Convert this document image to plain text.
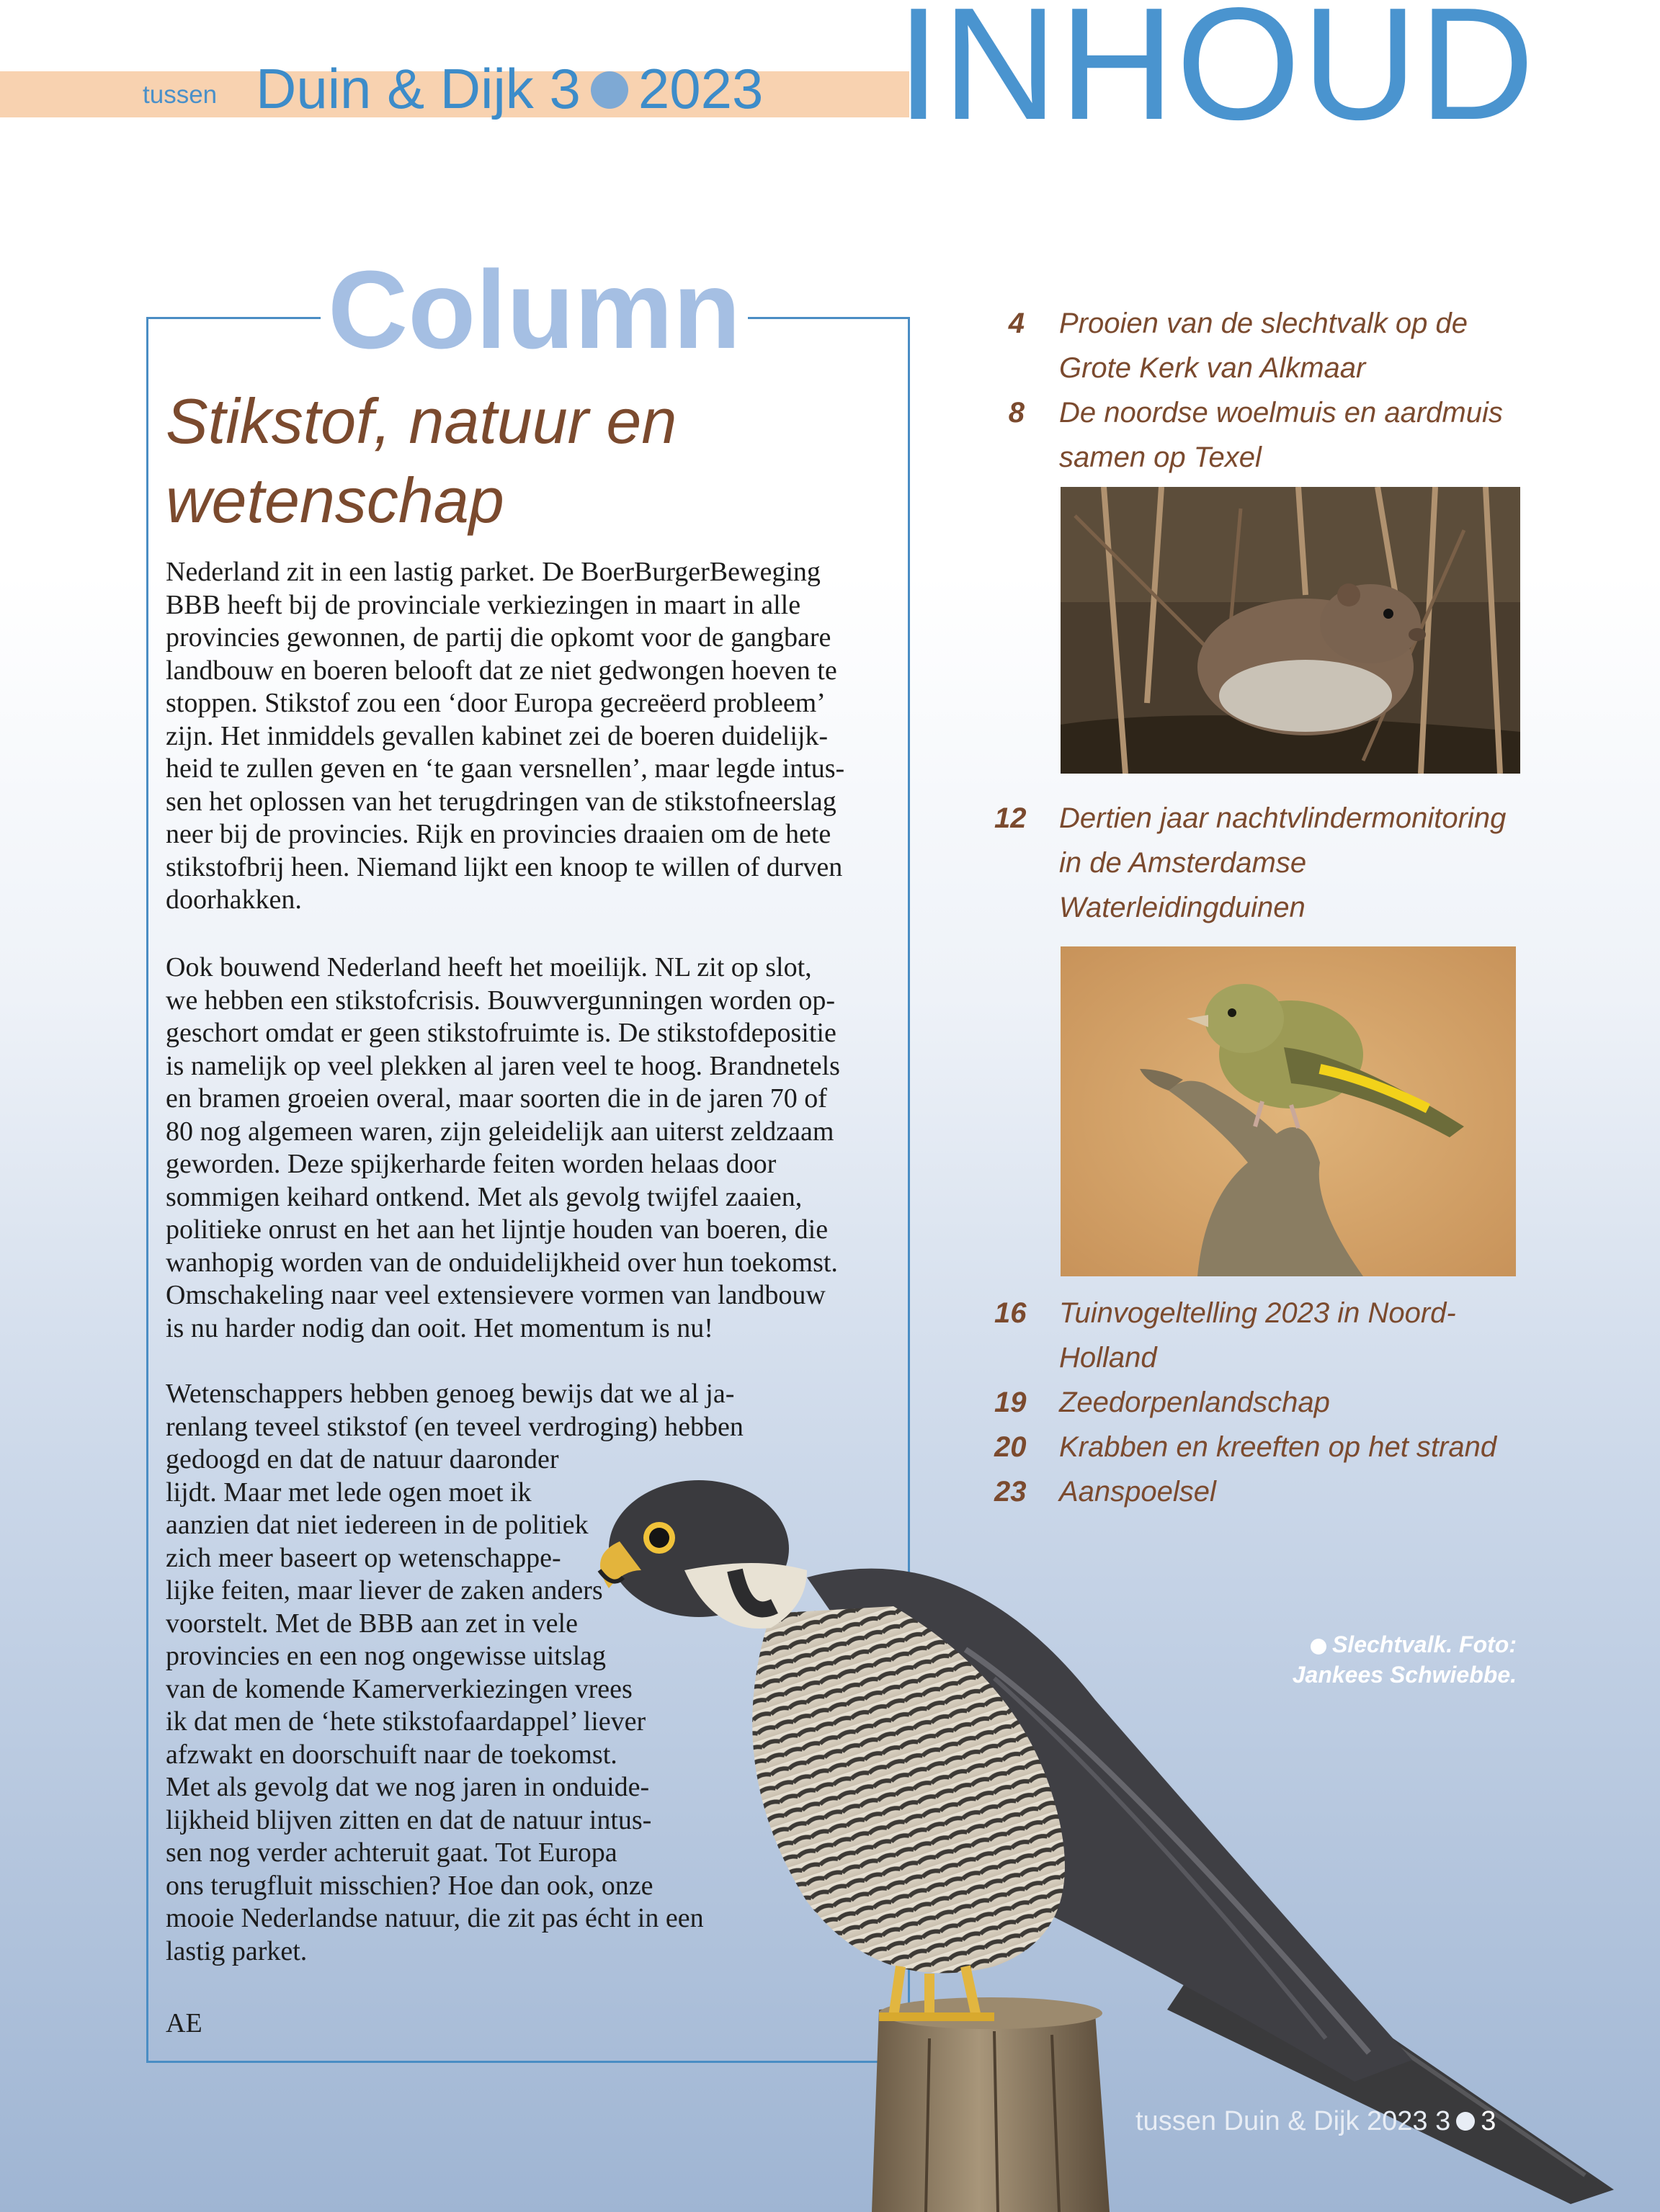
tussen Duin & Dijk 3 2023 INHOUD
Column
Stikstof, natuur en
wetenschap
Nederland zit in een lastig parket. De BoerBurgerBeweging
BBB heeft bij de provinciale verkiezingen in maart in alle
provincies gewonnen, de partij die opkomt voor de gangbare
landbouw en boeren belooft dat ze niet gedwongen hoeven te
stoppen. Stikstof zou een ‘door Europa gecreëerd probleem’
zijn. Het inmiddels gevallen kabinet zei de boeren duidelijk-
heid te zullen geven en ‘te gaan versnellen’, maar legde intus-
sen het oplossen van het terugdringen van de stikstofneerslag
neer bij de provincies. Rijk en provincies draaien om de hete
stikstofbrij heen. Niemand lijkt een knoop te willen of durven
doorhakken.
Ook bouwend Nederland heeft het moeilijk. NL zit op slot,
we hebben een stikstofcrisis. Bouwvergunningen worden op-
geschort omdat er geen stikstofruimte is. De stikstofdepositie
is namelijk op veel plekken al jaren veel te hoog. Brandnetels
en bramen groeien overal, maar soorten die in de jaren 70 of
80 nog algemeen waren, zijn geleidelijk aan uiterst zeldzaam
geworden. Deze spijkerharde feiten worden helaas door
sommigen keihard ontkend. Met als gevolg twijfel zaaien,
politieke onrust en het aan het lijntje houden van boeren, die
wanhopig worden van de onduidelijkheid over hun toekomst.
Omschakeling naar veel extensievere vormen van landbouw
is nu harder nodig dan ooit. Het momentum is nu!
Wetenschappers hebben genoeg bewijs dat we al ja-
renlang teveel stikstof (en teveel verdroging) hebben
gedoogd en dat de natuur daaronder
lijdt. Maar met lede ogen moet ik
aanzien dat niet iedereen in de politiek
zich meer baseert op wetenschappe-
lijke feiten, maar liever de zaken anders
voorstelt. Met de BBB aan zet in vele
provincies en een nog ongewisse uitslag
van de komende Kamerverkiezingen vrees
ik dat men de ‘hete stikstofaardappel’ liever
afzwakt en doorschuift naar de toekomst.
Met als gevolg dat we nog jaren in onduide-
lijkheid blijven zitten en dat de natuur intus-
sen nog verder achteruit gaat. Tot Europa
ons terugfluit misschien? Hoe dan ook, onze
mooie Nederlandse natuur, die zit pas écht in een
lastig parket.
AE
4 Prooien van de slechtvalk op de
Grote Kerk van Alkmaar
8 De noordse woelmuis en aardmuis
samen op Texel
12 Dertien jaar nachtvlindermonitoring
in de Amsterdamse
Waterleidingduinen
16 Tuinvogeltelling 2023 in Noord-
Holland
19 Zeedorpenlandschap
20 Krabben en kreeften op het strand
23 Aanspoelsel
Slechtvalk. Foto:
Jankees Schwiebbe.
tussen Duin & Dijk 2023 3 3
